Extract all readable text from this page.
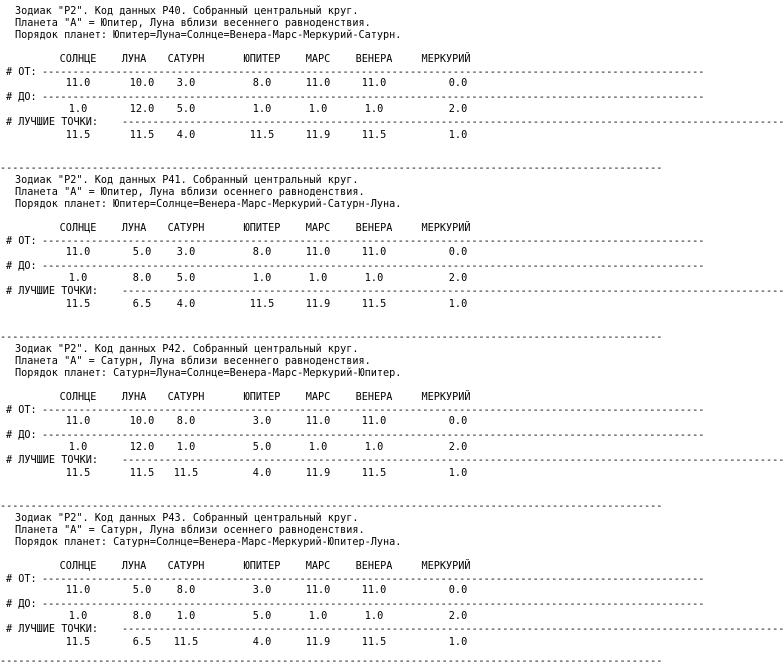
Зодиак "P2". Код данных P40. Собранный центральный круг.
Планета "A" = Юпитер, Луна вблизи весеннего равноденствия.
Порядок планет: Юпитер=Луна=Солнце=Венера-Марс-Меркурий-Сатурн.
СОЛНЦЕ	ЛУНА	САТУРН	ЮПИТЕР	МАРС	ВЕНЕРА	МЕРКУРИЙ
# ОТ: ------------------------------------------------------------------------------------------------------------
11.0	10.0	3.0	8.0	11.0	11.0	0.0
# ДО: ------------------------------------------------------------------------------------------------------------
1.0	12.0	5.0	1.0	1.0	1.0	2.0
# ЛУЧШИЕ ТОЧКИ: ------------------------------------------------------------------------------------------------------------
11.5	11.5	4.0	11.5	11.9	11.5	1.0
------------------------------------------------------------------------------------------------------------
Зодиак "P2". Код данных P41. Собранный центральный круг.
Планета "A" = Юпитер, Луна вблизи осеннего равноденствия.
Порядок планет: Юпитер=Солнце=Венера-Марс-Меркурий-Сатурн-Луна.
СОЛНЦЕ	ЛУНА	САТУРН	ЮПИТЕР	МАРС	ВЕНЕРА	МЕРКУРИЙ
# ОТ: ------------------------------------------------------------------------------------------------------------
11.0	5.0	3.0	8.0	11.0	11.0	0.0
# ДО: ------------------------------------------------------------------------------------------------------------
1.0	8.0	5.0	1.0	1.0	1.0	2.0
# ЛУЧШИЕ ТОЧКИ: ------------------------------------------------------------------------------------------------------------
11.5	6.5	4.0	11.5	11.9	11.5	1.0
------------------------------------------------------------------------------------------------------------
Зодиак "P2". Код данных P42. Собранный центральный круг.
Планета "A" = Сатурн, Луна вблизи весеннего равноденствия.
Порядок планет: Сатурн=Луна=Солнце=Венера-Марс-Меркурий-Юпитер.
СОЛНЦЕ	ЛУНА	САТУРН	ЮПИТЕР	МАРС	ВЕНЕРА	МЕРКУРИЙ
# ОТ: ------------------------------------------------------------------------------------------------------------
11.0	10.0	8.0	3.0	11.0	11.0	0.0
# ДО: ------------------------------------------------------------------------------------------------------------
1.0	12.0	1.0	5.0	1.0	1.0	2.0
# ЛУЧШИЕ ТОЧКИ: ------------------------------------------------------------------------------------------------------------
11.5	11.5	11.5	4.0	11.9	11.5	1.0
------------------------------------------------------------------------------------------------------------
Зодиак "P2". Код данных P43. Собранный центральный круг.
Планета "A" = Сатурн, Луна вблизи осеннего равноденствия.
Порядок планет: Сатурн=Солнце=Венера-Марс-Меркурий-Юпитер-Луна.
СОЛНЦЕ	ЛУНА	САТУРН	ЮПИТЕР	МАРС	ВЕНЕРА	МЕРКУРИЙ
# ОТ: ------------------------------------------------------------------------------------------------------------
11.0	5.0	8.0	3.0	11.0	11.0	0.0
# ДО: ------------------------------------------------------------------------------------------------------------
1.0	8.0	1.0	5.0	1.0	1.0	2.0
# ЛУЧШИЕ ТОЧКИ: ------------------------------------------------------------------------------------------------------------
11.5	6.5	11.5	4.0	11.9	11.5	1.0
------------------------------------------------------------------------------------------------------------
